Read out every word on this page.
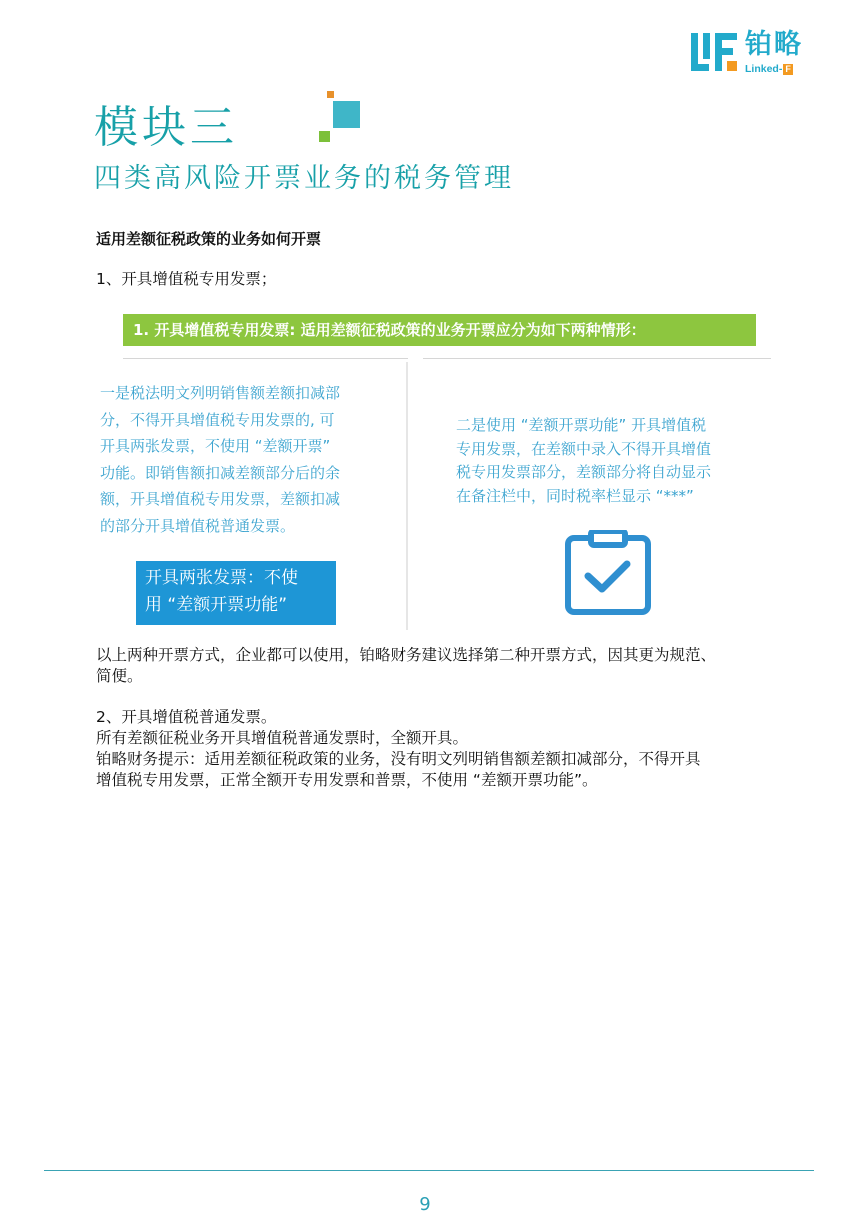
铂略
Linked- F
模块三
四类高风险开票业务的税务管理
适用差额征税政策的业务如何开票
1、开具增值税专用发票；
1. 开具增值税专用发票: 适用差额征税政策的业务开票应分为如下两种情形：
一是税法明文列明销售额差额扣减部
分，不得开具增值税专用发票的, 可
开具两张发票，不使用 “差额开票”
功能。即销售额扣减差额部分后的余
额，开具增值税专用发票，差额扣减
的部分开具增值税普通发票。
开具两张发票：不使
用 “差额开票功能”
二是使用 “差额开票功能” 开具增值税
专用发票，在差额中录入不得开具增值
税专用发票部分，差额部分将自动显示
在备注栏中，同时税率栏显示 “***”
以上两种开票方式，企业都可以使用，铂略财务建议选择第二种开票方式，因其更为规范、
简便。
2、开具增值税普通发票。
所有差额征税业务开具增值税普通发票时，全额开具。
铂略财务提示：适用差额征税政策的业务，没有明文列明销售额差额扣减部分，不得开具
增值税专用发票，正常全额开专用发票和普票，不使用 “差额开票功能”。
9
